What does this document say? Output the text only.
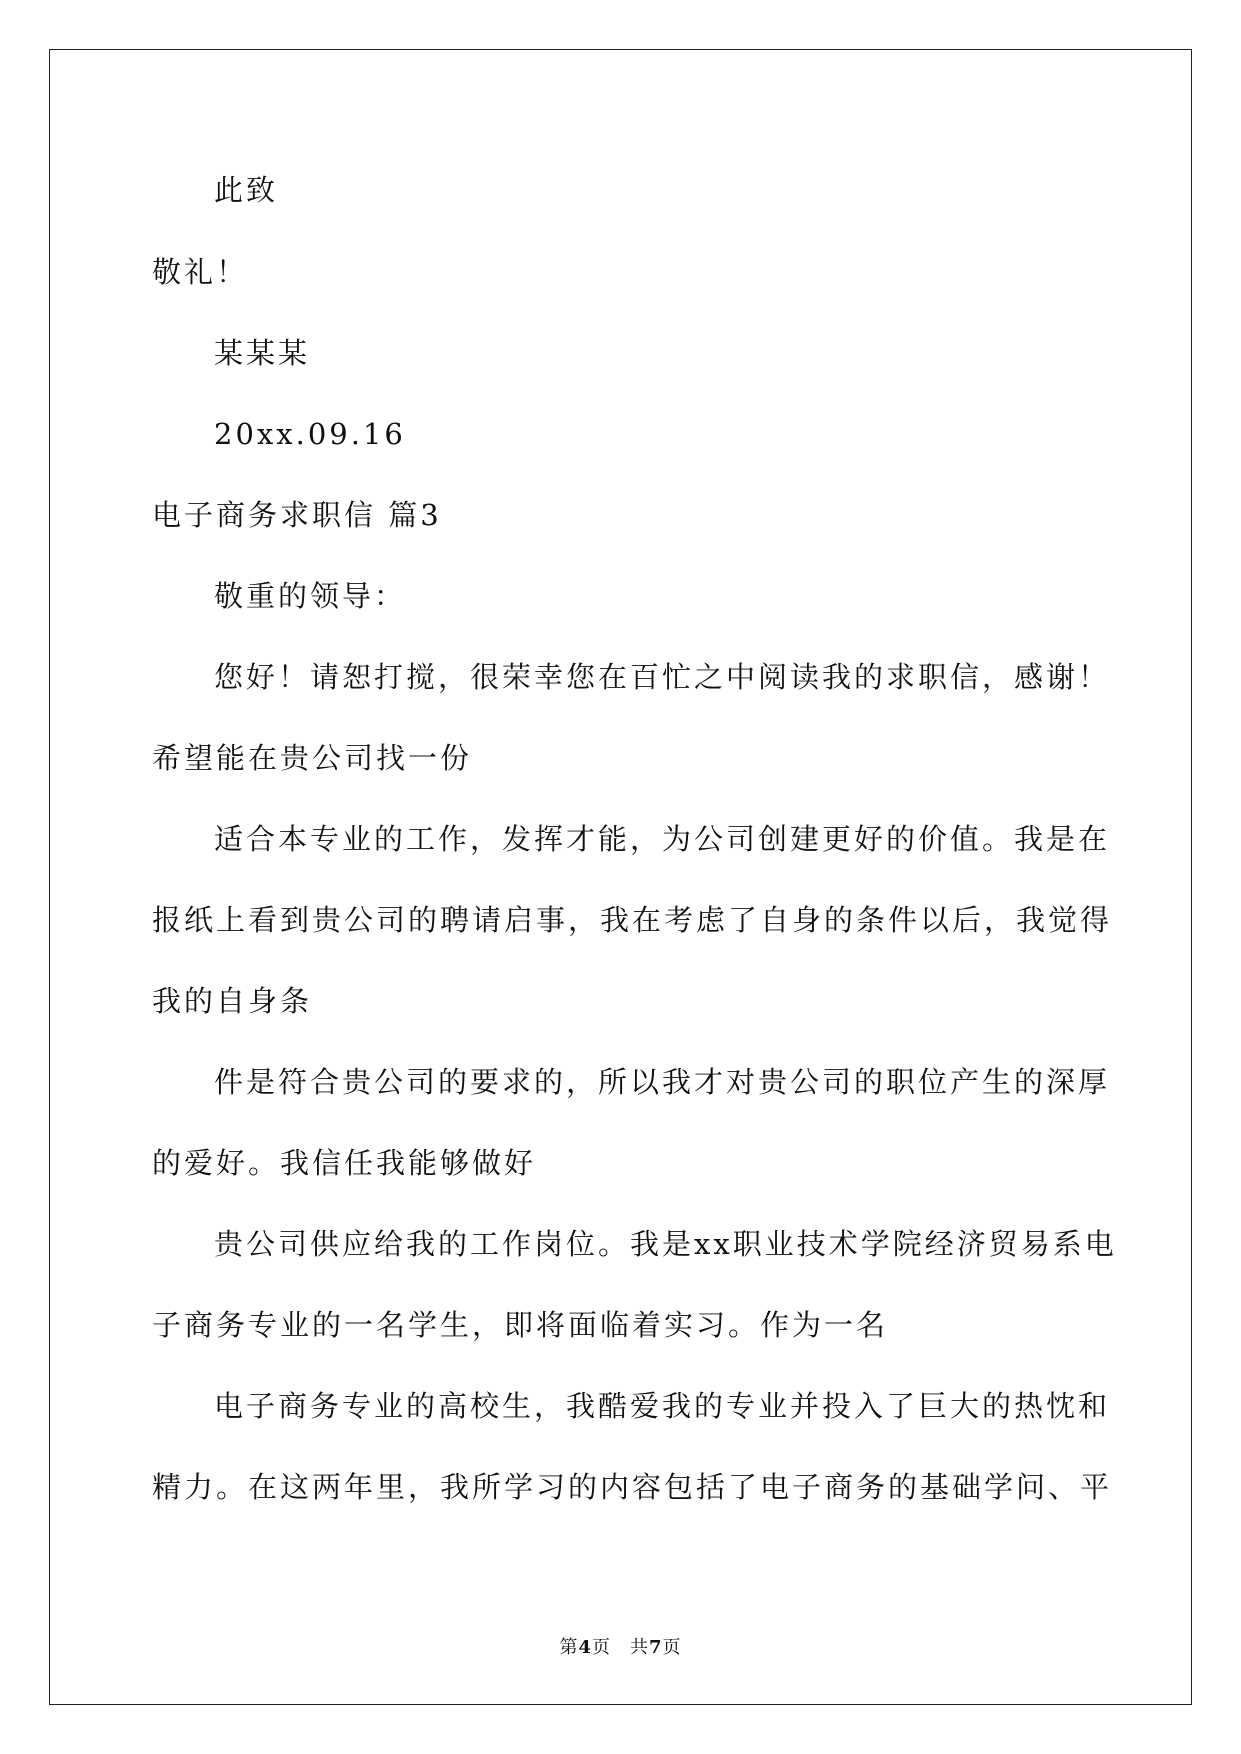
此致
敬礼！
某某某
20xx.09.16
电子商务求职信 篇3
敬重的领导：
您好！请恕打搅，很荣幸您在百忙之中阅读我的求职信，感谢！
希望能在贵公司找一份
适合本专业的工作，发挥才能，为公司创建更好的价值。我是在
报纸上看到贵公司的聘请启事，我在考虑了自身的条件以后，我觉得
我的自身条
件是符合贵公司的要求的，所以我才对贵公司的职位产生的深厚
的爱好。我信任我能够做好
贵公司供应给我的工作岗位。我是xx职业技术学院经济贸易系电
子商务专业的一名学生，即将面临着实习。作为一名
电子商务专业的高校生，我酷爱我的专业并投入了巨大的热忱和
精力。在这两年里，我所学习的内容包括了电子商务的基础学问、平
第4页　共7页
